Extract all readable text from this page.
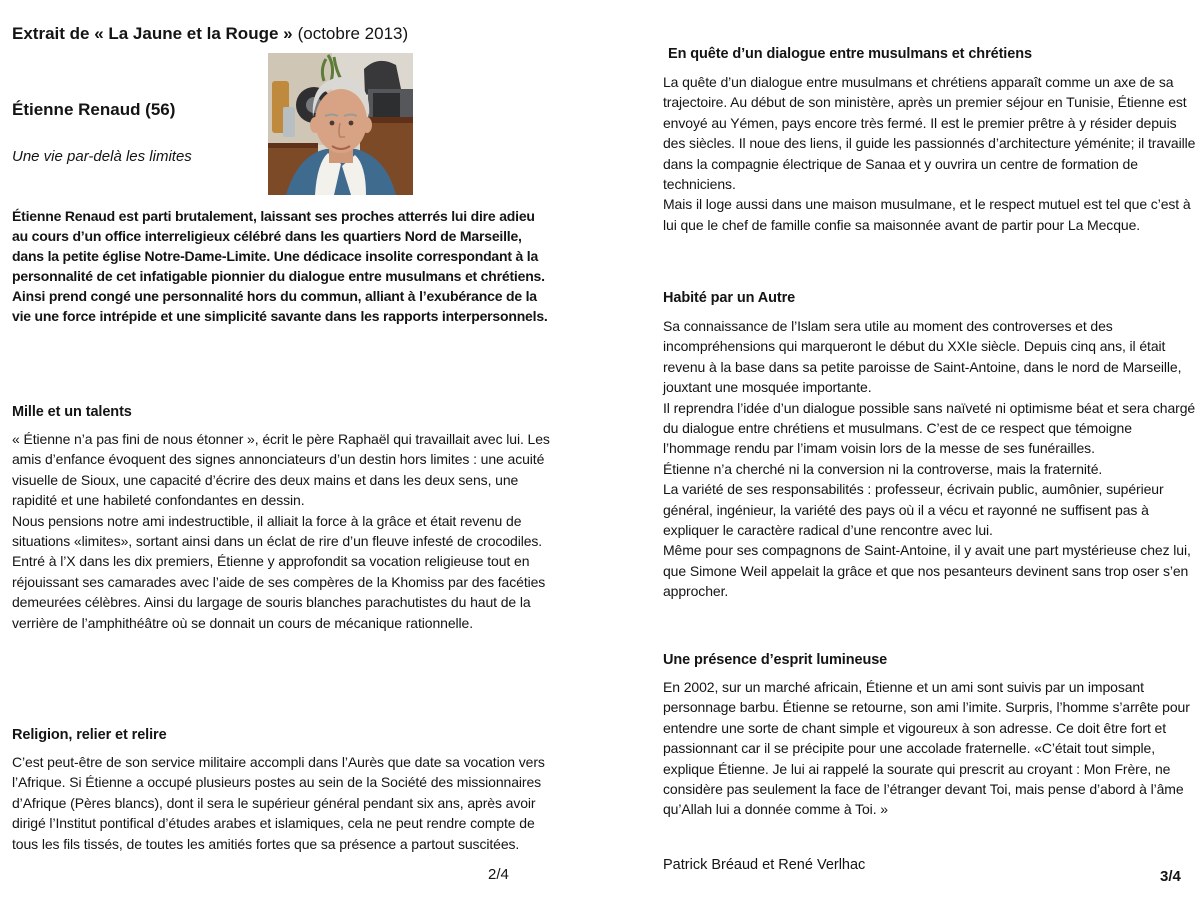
Extrait de « La Jaune et la Rouge » (octobre 2013)
Étienne Renaud (56)
Une vie par-delà les limites

Étienne Renaud est parti brutalement, laissant ses proches atterrés lui dire adieu au cours d’un office interreligieux célébré dans les quartiers Nord de Marseille, dans la petite église Notre-Dame-Limite. Une dédicace insolite correspondant à la personnalité de cet infatigable pionnier du dialogue entre musulmans et chrétiens.

Ainsi prend congé une personnalité hors du commun, alliant à l’exubérance de la vie une force intrépide et une simplicité savante dans les rapports interpersonnels.

Mille et un talents

« Étienne n’a pas fini de nous étonner », écrit le père Raphaël qui travaillait avec lui. Les amis d’enfance évoquent des signes annonciateurs d’un destin hors limites : une acuité visuelle de Sioux, une capacité d’écrire des deux mains et dans les deux sens, une rapidité et une habileté confondantes en dessin.

Nous pensions notre ami indestructible, il alliait la force à la grâce et était revenu de situations «limites», sortant ainsi dans un éclat de rire d’un fleuve infesté de crocodiles.

Entré à l’X dans les dix premiers, Étienne y approfondit sa vocation religieuse tout en réjouissant ses camarades avec l’aide de ses compères de la Khomiss par des facéties demeurées célèbres. Ainsi du largage de souris blanches parachutistes du haut de la verrière de l’amphithéâtre où se donnait un cours de mécanique rationnelle.

Religion, relier et relire

C’est peut-être de son service militaire accompli dans l’Aurès que date sa vocation vers l’Afrique. Si Étienne a occupé plusieurs postes au sein de la Société des missionnaires d’Afrique (Pères blancs), dont il sera le supérieur général pendant six ans, après avoir dirigé l’Institut pontifical d’études arabes et islamiques, cela ne peut rendre compte de tous les fils tissés, de toutes les amitiés fortes que sa présence a partout suscitées.

2/4
En quête d’un dialogue entre musulmans et chrétiens

La quête d’un dialogue entre musulmans et chrétiens apparaît comme un axe de sa trajectoire. Au début de son ministère, après un premier séjour en Tunisie, Étienne est envoyé au Yémen, pays encore très fermé. Il est le premier prêtre à y résider depuis des siècles. Il noue des liens, il guide les passionnés d’architecture yéménite; il travaille dans la compagnie électrique de Sanaa et y ouvrira un centre de formation de techniciens.

Mais il loge aussi dans une maison musulmane, et le respect mutuel est tel que c’est à lui que le chef de famille confie sa maisonnée avant de partir pour La Mecque.

Habité par un Autre

Sa connaissance de l’Islam sera utile au moment des controverses et des incompréhensions qui marqueront le début du XXIe siècle. Depuis cinq ans, il était revenu à la base dans sa petite paroisse de Saint-Antoine, dans le nord de Marseille, jouxtant une mosquée importante.

Il reprendra l’idée d’un dialogue possible sans naïveté ni optimisme béat et sera chargé du dialogue entre chrétiens et musulmans. C’est de ce respect que témoigne l’hommage rendu par l’imam voisin lors de la messe de ses funérailles.

Étienne n’a cherché ni la conversion ni la controverse, mais la fraternité.

La variété de ses responsabilités : professeur, écrivain public, aumônier, supérieur général, ingénieur, la variété des pays où il a vécu et rayonné ne suffisent pas à expliquer le caractère radical d’une rencontre avec lui.

Même pour ses compagnons de Saint-Antoine, il y avait une part mystérieuse chez lui, que Simone Weil appelait la grâce et que nos pesanteurs devinent sans trop oser s’en approcher.

Une présence d’esprit lumineuse

En 2002, sur un marché africain, Étienne et un ami sont suivis par un imposant personnage barbu. Étienne se retourne, son ami l’imite. Surpris, l’homme s’arrête pour entendre une sorte de chant simple et vigoureux à son adresse. Ce doit être fort et passionnant car il se précipite pour une accolade fraternelle. «C’était tout simple, explique Étienne. Je lui ai rappelé la sourate qui prescrit au croyant : Mon Frère, ne considère pas seulement la face de l’étranger devant Toi, mais pense d’abord à l’âme qu’Allah lui a donnée comme à Toi. »

Patrick Bréaud et René Verlhac
3/4
